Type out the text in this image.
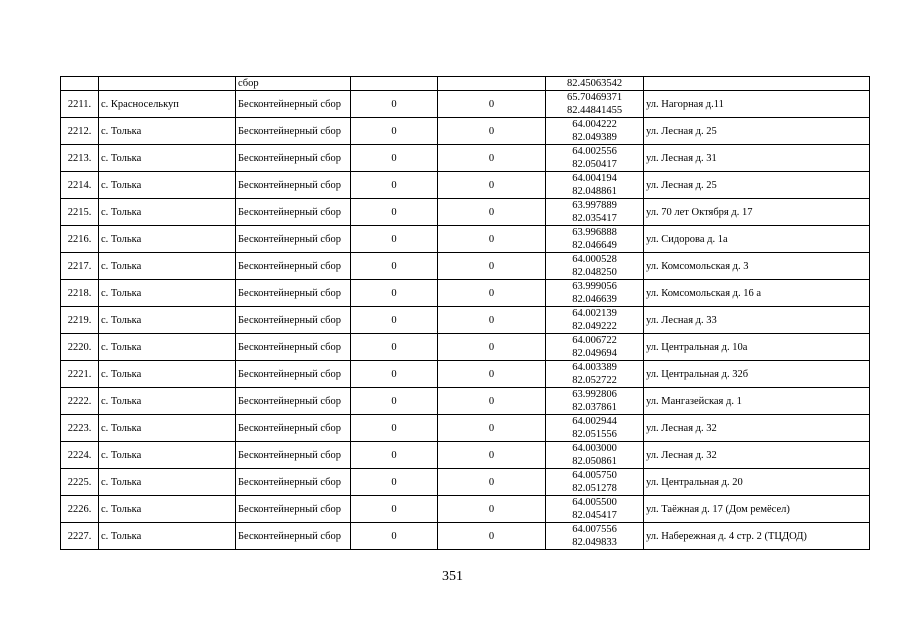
		сбор			82.45063542	
2211.	с. Красноселькуп	Бесконтейнерный сбор	0	0	65.70469371
82.44841455	ул. Нагорная д.11
2212.	с. Толька	Бесконтейнерный сбор	0	0	64.004222
82.049389	ул. Лесная д. 25
2213.	с. Толька	Бесконтейнерный сбор	0	0	64.002556
82.050417	ул. Лесная д. 31
2214.	с. Толька	Бесконтейнерный сбор	0	0	64.004194
82.048861	ул. Лесная д. 25
2215.	с. Толька	Бесконтейнерный сбор	0	0	63.997889
82.035417	ул. 70 лет Октября д. 17
2216.	с. Толька	Бесконтейнерный сбор	0	0	63.996888
82.046649	ул. Сидорова д. 1а
2217.	с. Толька	Бесконтейнерный сбор	0	0	64.000528
82.048250	ул. Комсомольская д. 3
2218.	с. Толька	Бесконтейнерный сбор	0	0	63.999056
82.046639	ул. Комсомольская д. 16 а
2219.	с. Толька	Бесконтейнерный сбор	0	0	64.002139
82.049222	ул. Лесная д. 33
2220.	с. Толька	Бесконтейнерный сбор	0	0	64.006722
82.049694	ул. Центральная д. 10а
2221.	с. Толька	Бесконтейнерный сбор	0	0	64.003389
82.052722	ул. Центральная д. 32б
2222.	с. Толька	Бесконтейнерный сбор	0	0	63.992806
82.037861	ул. Мангазейская д. 1
2223.	с. Толька	Бесконтейнерный сбор	0	0	64.002944
82.051556	ул. Лесная д. 32
2224.	с. Толька	Бесконтейнерный сбор	0	0	64.003000
82.050861	ул. Лесная д. 32
2225.	с. Толька	Бесконтейнерный сбор	0	0	64.005750
82.051278	ул. Центральная д. 20
2226.	с. Толька	Бесконтейнерный сбор	0	0	64.005500
82.045417	ул. Таёжная д. 17 (Дом ремёсел)
2227.	с. Толька	Бесконтейнерный сбор	0	0	64.007556
82.049833	ул. Набережная д. 4 стр. 2 (ТЦДОД)
351
